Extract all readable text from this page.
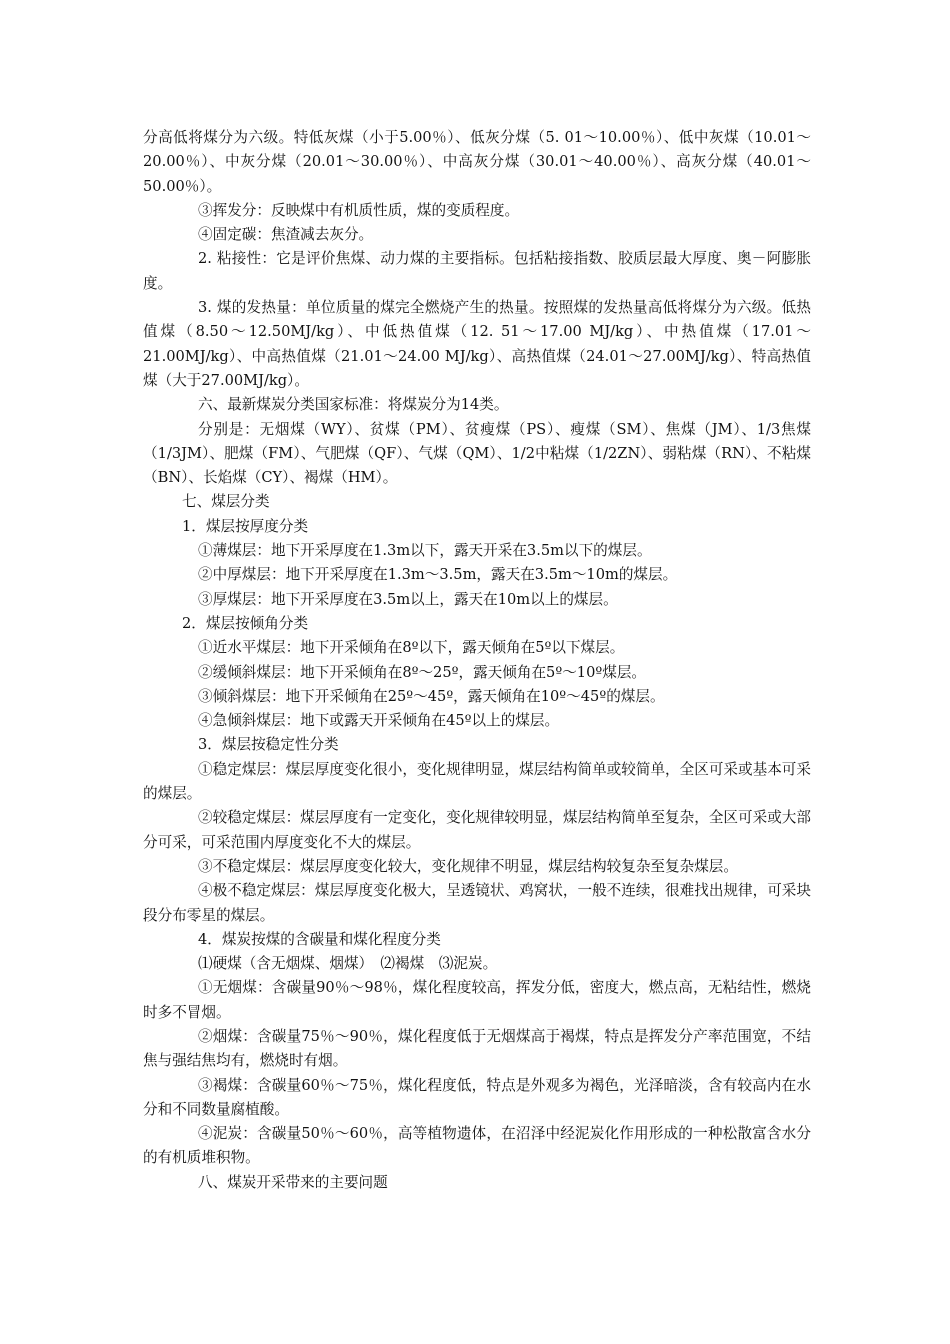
分高低将煤分为六级。特低灰煤（小于5.00％）、低灰分煤（5. 01～10.00％）、低中灰煤（10.01～20.00％）、中灰分煤（20.01～30.00％）、中高灰分煤（30.01～40.00％）、高灰分煤（40.01～50.00％）。

③挥发分：反映煤中有机质性质，煤的变质程度。

④固定碳：焦渣减去灰分。

2. 粘接性：它是评价焦煤、动力煤的主要指标。包括粘接指数、胶质层最大厚度、奥－阿膨胀度。

3. 煤的发热量：单位质量的煤完全燃烧产生的热量。按照煤的发热量高低将煤分为六级。低热值煤（8.50～12.50MJ/kg）、中低热值煤（12. 51～17.00 MJ/kg）、中热值煤（17.01～21.00MJ/kg）、中高热值煤（21.01～24.00 MJ/kg）、高热值煤（24.01～27.00MJ/kg）、特高热值煤（大于27.00MJ/kg）。

六、最新煤炭分类国家标准：将煤炭分为14类。

分别是：无烟煤（WY）、贫煤（PM）、贫瘦煤（PS）、瘦煤（SM）、焦煤（JM）、1/3焦煤（1/3JM）、肥煤（FM）、气肥煤（QF）、气煤（QM）、1/2中粘煤（1/2ZN）、弱粘煤（RN）、不粘煤（BN）、长焰煤（CY）、褐煤（HM）。

七、煤层分类

1．煤层按厚度分类

①薄煤层：地下开采厚度在1.3m以下，露天开采在3.5m以下的煤层。

②中厚煤层：地下开采厚度在1.3m～3.5m，露天在3.5m～10m的煤层。

③厚煤层：地下开采厚度在3.5m以上，露天在10m以上的煤层。

2．煤层按倾角分类

①近水平煤层：地下开采倾角在8º以下，露天倾角在5º以下煤层。

②缓倾斜煤层：地下开采倾角在8º～25º，露天倾角在5º～10º煤层。

③倾斜煤层：地下开采倾角在25º～45º，露天倾角在10º～45º的煤层。

④急倾斜煤层：地下或露天开采倾角在45º以上的煤层。

3．煤层按稳定性分类

①稳定煤层：煤层厚度变化很小，变化规律明显，煤层结构简单或较简单，全区可采或基本可采的煤层。

②较稳定煤层：煤层厚度有一定变化，变化规律较明显，煤层结构简单至复杂，全区可采或大部分可采，可采范围内厚度变化不大的煤层。

③不稳定煤层：煤层厚度变化较大，变化规律不明显，煤层结构较复杂至复杂煤层。

④极不稳定煤层：煤层厚度变化极大，呈透镜状、鸡窝状，一般不连续，很难找出规律，可采块段分布零星的煤层。

4．煤炭按煤的含碳量和煤化程度分类

⑴硬煤（含无烟煤、烟煤）　⑵褐煤　⑶泥炭。

①无烟煤：含碳量90％～98％，煤化程度较高，挥发分低，密度大，燃点高，无粘结性，燃烧时多不冒烟。

②烟煤：含碳量75％～90％，煤化程度低于无烟煤高于褐煤，特点是挥发分产率范围宽，不结焦与强结焦均有，燃烧时有烟。

③褐煤：含碳量60％～75％，煤化程度低，特点是外观多为褐色，光泽暗淡，含有较高内在水分和不同数量腐植酸。

④泥炭：含碳量50％～60％，高等植物遗体，在沼泽中经泥炭化作用形成的一种松散富含水分的有机质堆积物。

八、煤炭开采带来的主要问题
